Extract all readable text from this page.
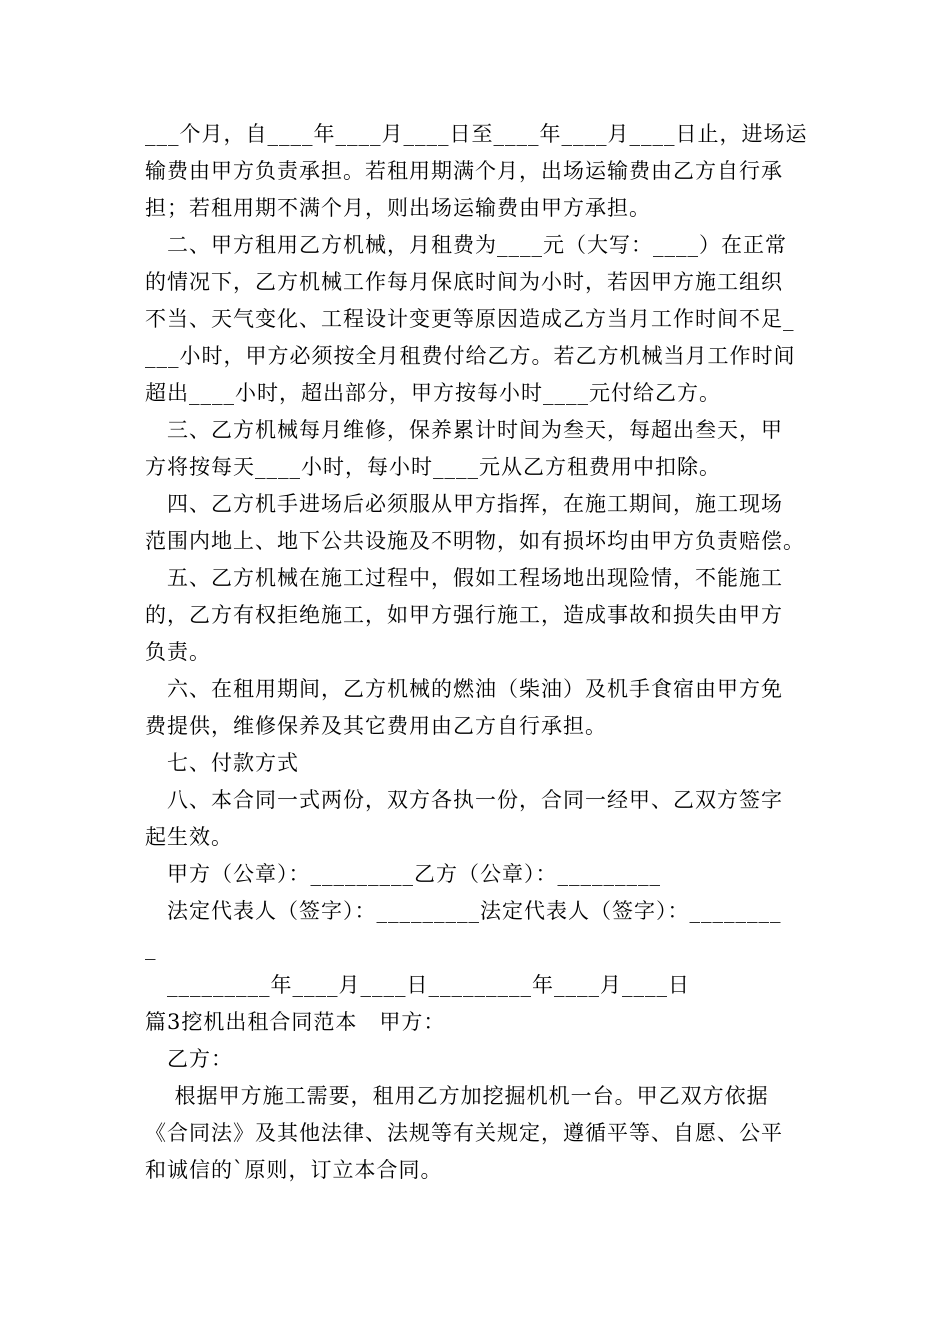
___个月，自____年____月____日至____年____月____日止，进场运
输费由甲方负责承担。若租用期满个月，出场运输费由乙方自行承
担；若租用期不满个月，则出场运输费由甲方承担。
二、甲方租用乙方机械，月租费为____元（大写：____）在正常
的情况下，乙方机械工作每月保底时间为小时，若因甲方施工组织
不当、天气变化、工程设计变更等原因造成乙方当月工作时间不足_
___小时，甲方必须按全月租费付给乙方。若乙方机械当月工作时间
超出____小时，超出部分，甲方按每小时____元付给乙方。
三、乙方机械每月维修，保养累计时间为叁天，每超出叁天，甲
方将按每天____小时，每小时____元从乙方租费用中扣除。
四、乙方机手进场后必须服从甲方指挥，在施工期间，施工现场
范围内地上、地下公共设施及不明物，如有损坏均由甲方负责赔偿。
五、乙方机械在施工过程中，假如工程场地出现险情，不能施工
的，乙方有权拒绝施工，如甲方强行施工，造成事故和损失由甲方
负责。
六、在租用期间，乙方机械的燃油（柴油）及机手食宿由甲方免
费提供，维修保养及其它费用由乙方自行承担。
七、付款方式
八、本合同一式两份，双方各执一份，合同一经甲、乙双方签字
起生效。
甲方（公章）：_________乙方（公章）：_________
法定代表人（签字）：_________法定代表人（签字）：________
_
_________年____月____日_________年____月____日
篇3挖机出租合同范本　甲方：
乙方：
根据甲方施工需要，租用乙方加挖掘机机一台。甲乙双方依据
《合同法》及其他法律、法规等有关规定，遵循平等、自愿、公平
和诚信的`原则，订立本合同。
